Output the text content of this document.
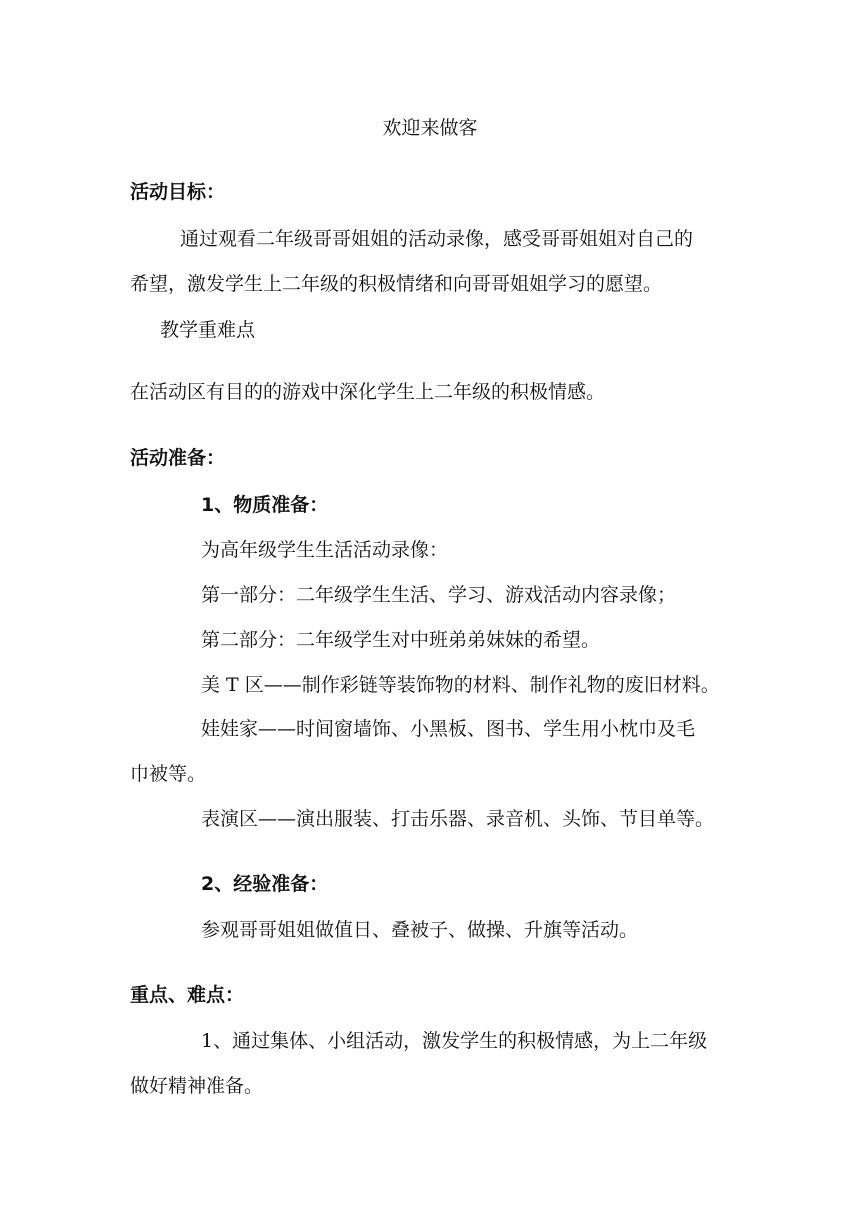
欢迎来做客
活动目标：
通过观看二年级哥哥姐姐的活动录像，感受哥哥姐姐对自己的
希望，激发学生上二年级的积极情绪和向哥哥姐姐学习的愿望。
教学重难点
在活动区有目的的游戏中深化学生上二年级的积极情感。
活动准备：
1、物质准备：
为高年级学生生活活动录像：
第一部分：二年级学生生活、学习、游戏活动内容录像；
第二部分：二年级学生对中班弟弟妹妹的希望。
美 T 区——制作彩链等装饰物的材料、制作礼物的废旧材料。
娃娃家——时间窗墙饰、小黑板、图书、学生用小枕巾及毛
巾被等。
表演区——演出服装、打击乐器、录音机、头饰、节目单等。
2、经验准备：
参观哥哥姐姐做值日、叠被子、做操、升旗等活动。
重点、难点：
1、通过集体、小组活动，激发学生的积极情感，为上二年级
做好精神准备。
